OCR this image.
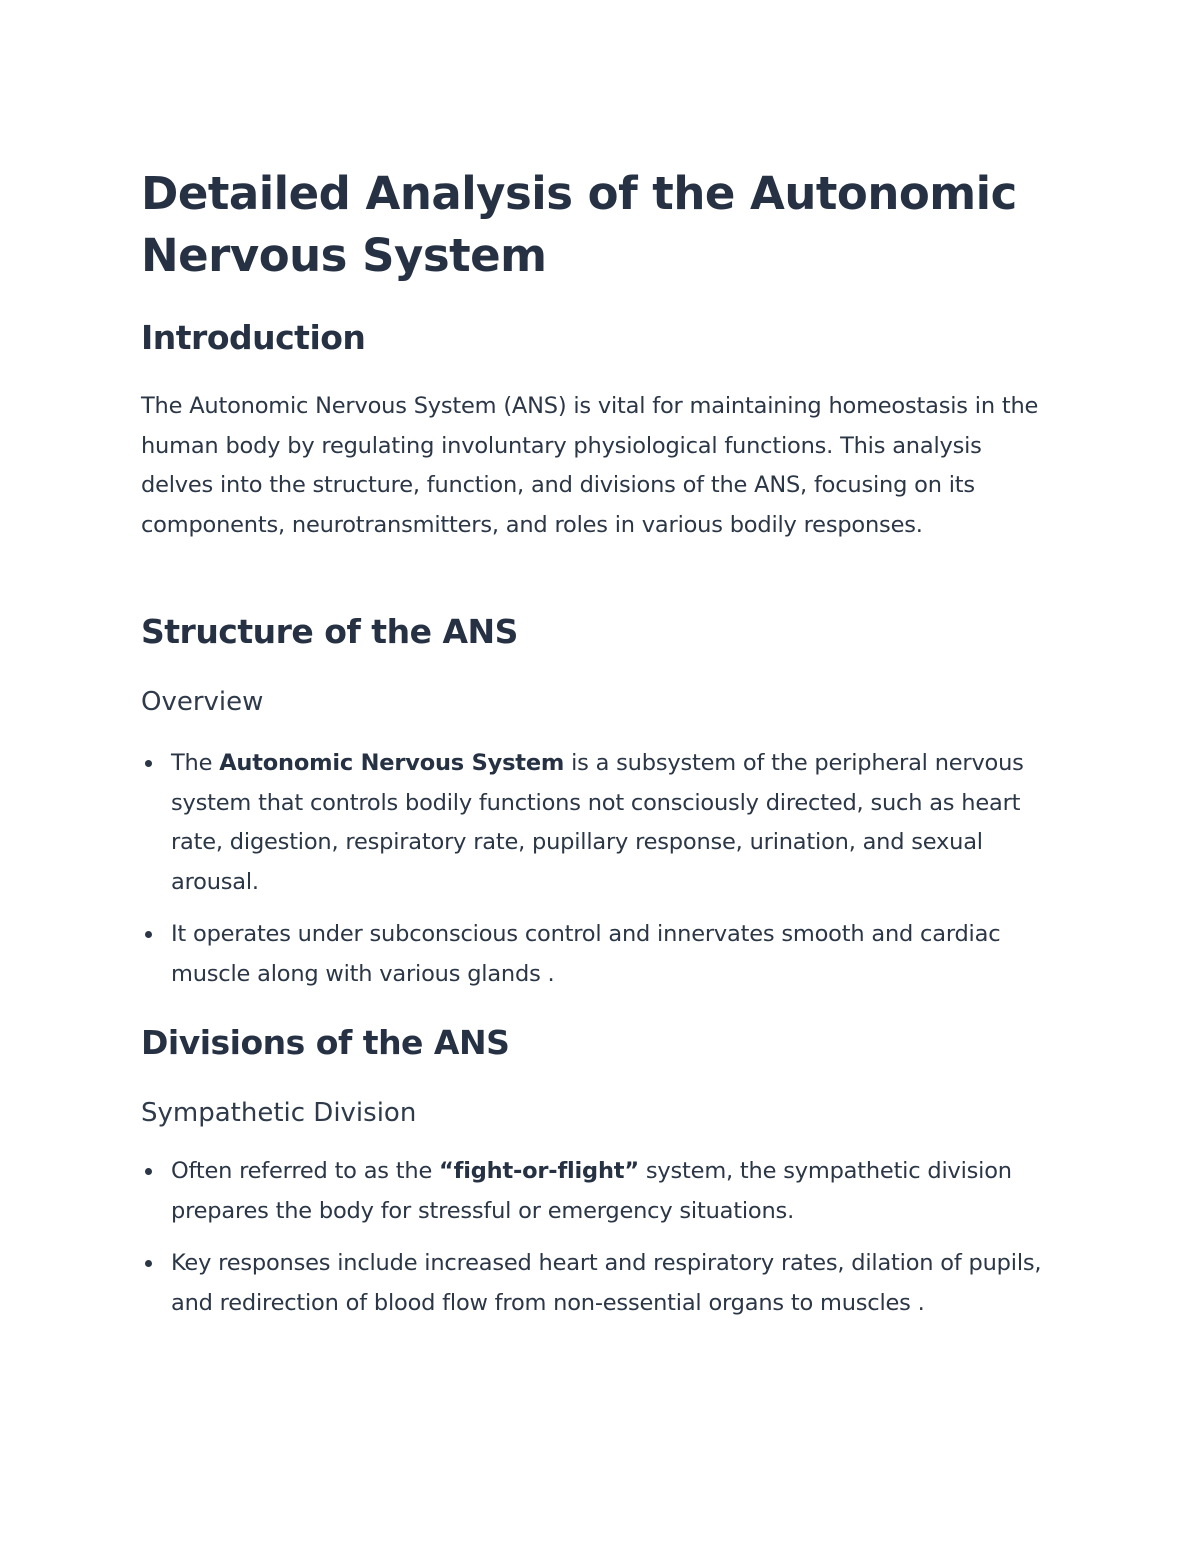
Detailed Analysis of the Autonomic Nervous System
Introduction

The Autonomic Nervous System (ANS) is vital for maintaining homeostasis in the human body by regulating involuntary physiological functions. This analysis delves into the structure, function, and divisions of the ANS, focusing on its components, neurotransmitters, and roles in various bodily responses.

Structure of the ANS
Overview
The Autonomic Nervous System is a subsystem of the peripheral nervous system that controls bodily functions not consciously directed, such as heart rate, digestion, respiratory rate, pupillary response, urination, and sexual arousal.
It operates under subconscious control and innervates smooth and cardiac muscle along with various glands .
Divisions of the ANS
Sympathetic Division
Often referred to as the “fight-or-flight” system, the sympathetic division prepares the body for stressful or emergency situations.
Key responses include increased heart and respiratory rates, dilation of pupils, and redirection of blood flow from non-essential organs to muscles .
